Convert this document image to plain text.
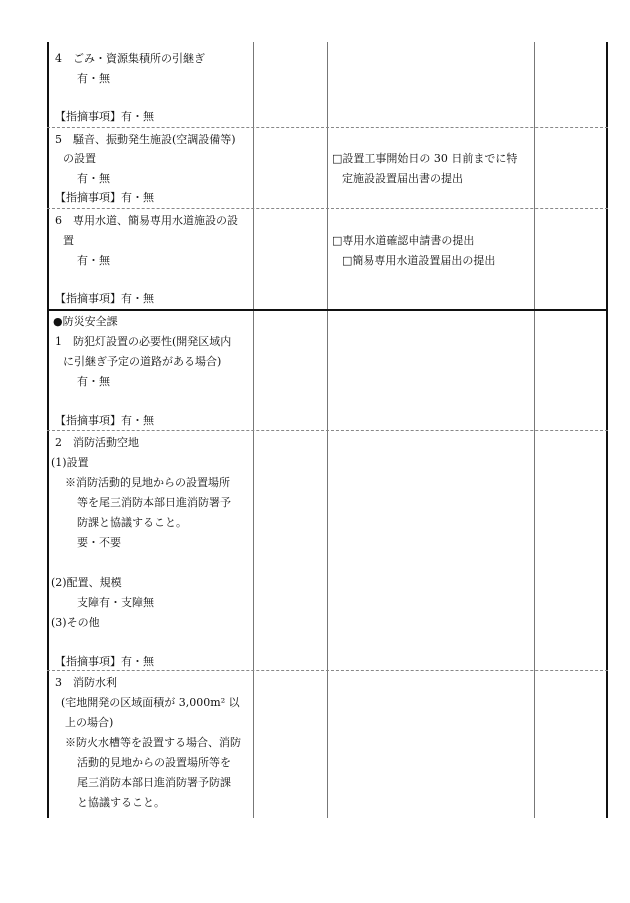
4　ごみ・資源集積所の引継ぎ
有・無
【指摘事項】有・無
5　騒音、振動発生施設(空調設備等)
の設置
有・無
【指摘事項】有・無
□設置工事開始日の 30 日前までに特
定施設設置届出書の提出
6　専用水道、簡易専用水道施設の設
置
有・無
【指摘事項】有・無
□専用水道確認申請書の提出
□簡易専用水道設置届出の提出
●防災安全課
1　防犯灯設置の必要性(開発区域内
に引継ぎ予定の道路がある場合)
有・無
【指摘事項】有・無
2　消防活動空地
(1)設置
※消防活動的見地からの設置場所
等を尾三消防本部日進消防署予
防課と協議すること。
要・不要
(2)配置、規模
支障有・支障無
(3)その他
【指摘事項】有・無
3　消防水利
(宅地開発の区域面積が 3,000m² 以
上の場合)
※防火水槽等を設置する場合、消防
活動的見地からの設置場所等を
尾三消防本部日進消防署予防課
と協議すること。
